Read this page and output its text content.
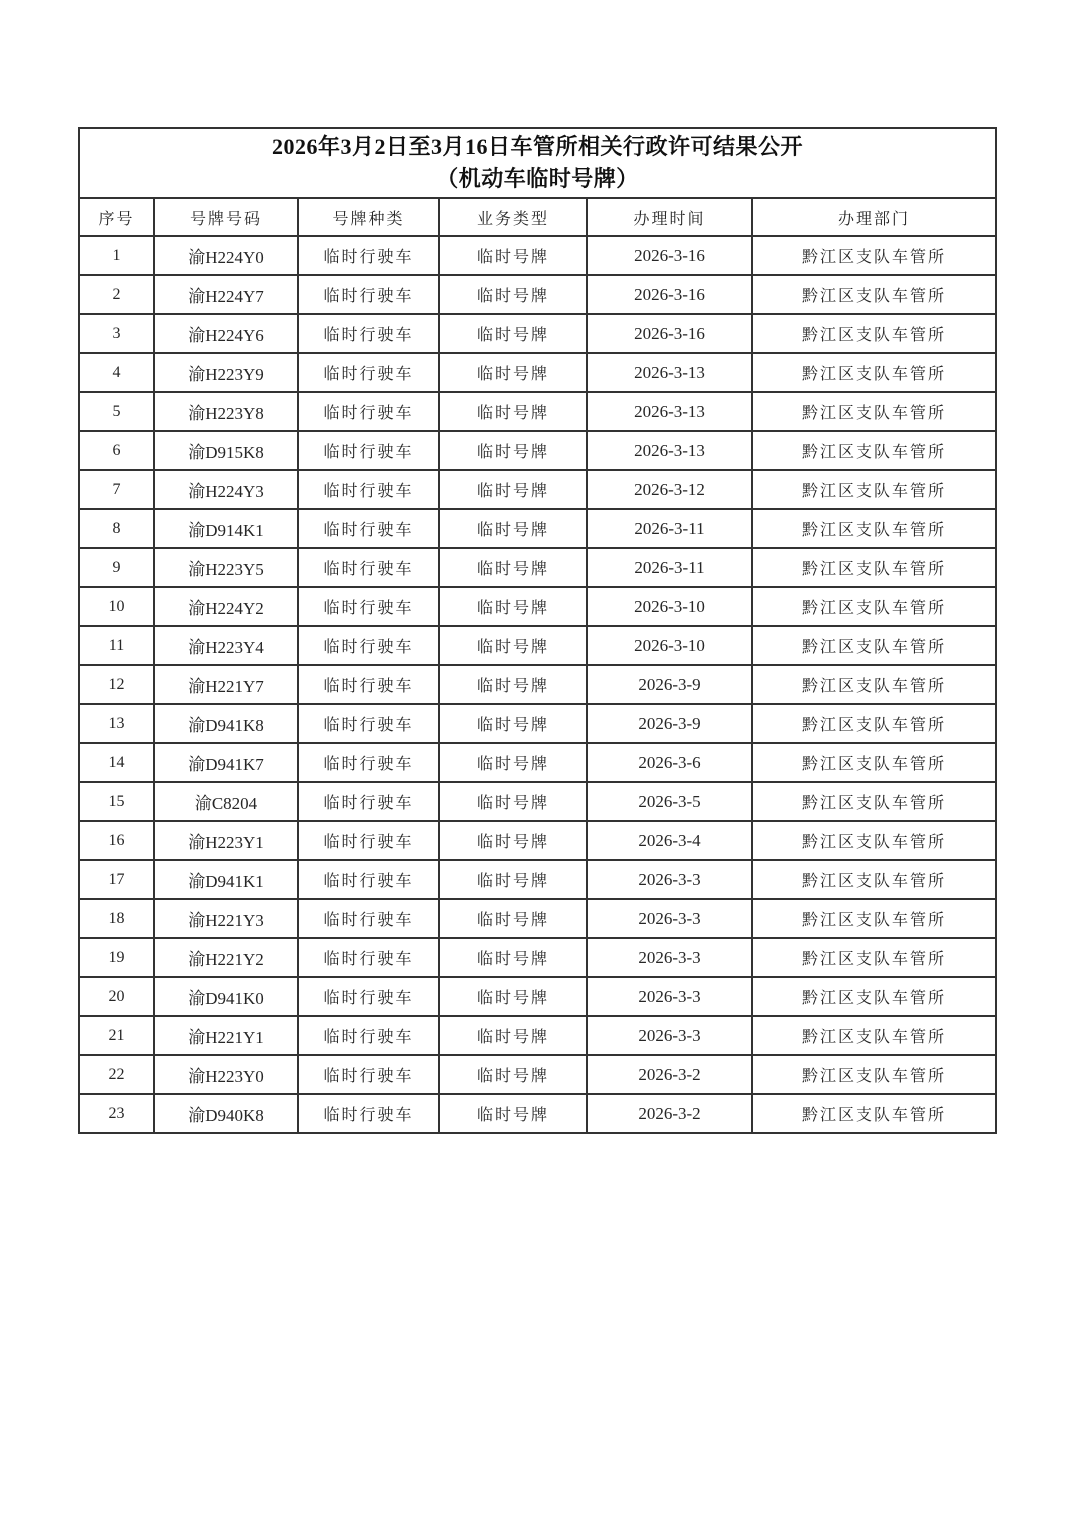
2026年3月2日至3月16日车管所相关行政许可结果公开
（机动车临时号牌）					

序号	号牌号码	号牌种类	业务类型	办理时间	办理部门
1	渝H224Y0	临时行驶车	临时号牌	2026-3-16	黔江区支队车管所
2	渝H224Y7	临时行驶车	临时号牌	2026-3-16	黔江区支队车管所
3	渝H224Y6	临时行驶车	临时号牌	2026-3-16	黔江区支队车管所
4	渝H223Y9	临时行驶车	临时号牌	2026-3-13	黔江区支队车管所
5	渝H223Y8	临时行驶车	临时号牌	2026-3-13	黔江区支队车管所
6	渝D915K8	临时行驶车	临时号牌	2026-3-13	黔江区支队车管所
7	渝H224Y3	临时行驶车	临时号牌	2026-3-12	黔江区支队车管所
8	渝D914K1	临时行驶车	临时号牌	2026-3-11	黔江区支队车管所
9	渝H223Y5	临时行驶车	临时号牌	2026-3-11	黔江区支队车管所
10	渝H224Y2	临时行驶车	临时号牌	2026-3-10	黔江区支队车管所
11	渝H223Y4	临时行驶车	临时号牌	2026-3-10	黔江区支队车管所
12	渝H221Y7	临时行驶车	临时号牌	2026-3-9	黔江区支队车管所
13	渝D941K8	临时行驶车	临时号牌	2026-3-9	黔江区支队车管所
14	渝D941K7	临时行驶车	临时号牌	2026-3-6	黔江区支队车管所
15	渝C8204	临时行驶车	临时号牌	2026-3-5	黔江区支队车管所
16	渝H223Y1	临时行驶车	临时号牌	2026-3-4	黔江区支队车管所
17	渝D941K1	临时行驶车	临时号牌	2026-3-3	黔江区支队车管所
18	渝H221Y3	临时行驶车	临时号牌	2026-3-3	黔江区支队车管所
19	渝H221Y2	临时行驶车	临时号牌	2026-3-3	黔江区支队车管所
20	渝D941K0	临时行驶车	临时号牌	2026-3-3	黔江区支队车管所
21	渝H221Y1	临时行驶车	临时号牌	2026-3-3	黔江区支队车管所
22	渝H223Y0	临时行驶车	临时号牌	2026-3-2	黔江区支队车管所
23	渝D940K8	临时行驶车	临时号牌	2026-3-2	黔江区支队车管所
